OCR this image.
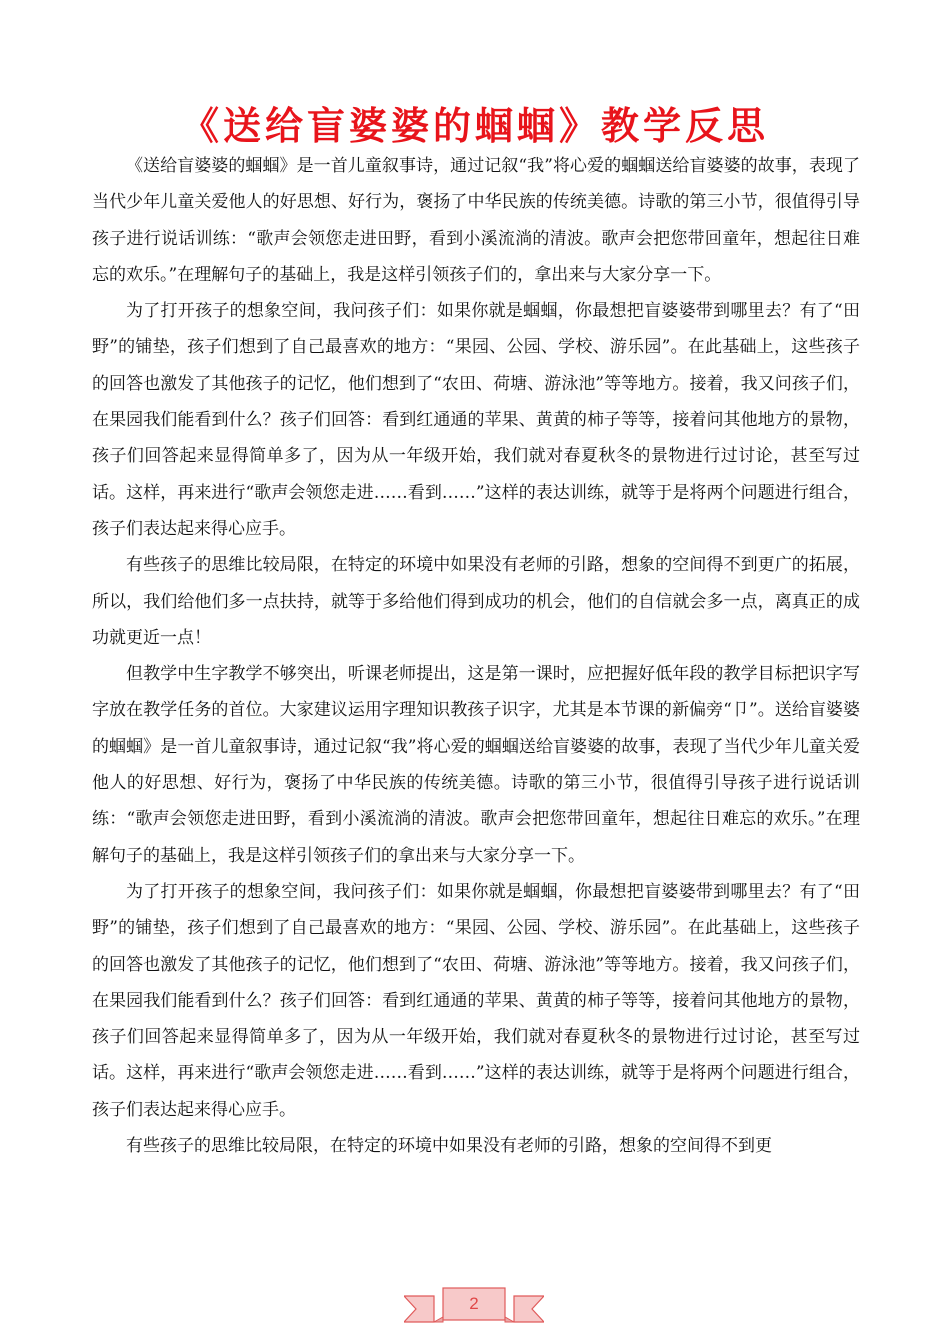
《送给盲婆婆的蝈蝈》教学反思

《送给盲婆婆的蝈蝈》是一首儿童叙事诗，通过记叙“我”将心爱的蝈蝈送给盲婆婆的故事，表现了当代少年儿童关爱他人的好思想、好行为，褒扬了中华民族的传统美德。诗歌的第三小节，很值得引导孩子进行说话训练：“歌声会领您走进田野，看到小溪流淌的清波。歌声会把您带回童年，想起往日难忘的欢乐。”在理解句子的基础上，我是这样引领孩子们的，拿出来与大家分享一下。

为了打开孩子的想象空间，我问孩子们：如果你就是蝈蝈，你最想把盲婆婆带到哪里去？有了“田野”的铺垫，孩子们想到了自己最喜欢的地方：“果园、公园、学校、游乐园”。在此基础上，这些孩子的回答也激发了其他孩子的记忆，他们想到了“农田、荷塘、游泳池”等等地方。接着，我又问孩子们，在果园我们能看到什么？孩子们回答：看到红通通的苹果、黄黄的柿子等等，接着问其他地方的景物，孩子们回答起来显得简单多了，因为从一年级开始，我们就对春夏秋冬的景物进行过讨论，甚至写过话。这样，再来进行“歌声会领您走进……看到……”这样的表达训练，就等于是将两个问题进行组合，孩子们表达起来得心应手。

有些孩子的思维比较局限，在特定的环境中如果没有老师的引路，想象的空间得不到更广的拓展，所以，我们给他们多一点扶持，就等于多给他们得到成功的机会，他们的自信就会多一点，离真正的成功就更近一点！

但教学中生字教学不够突出，听课老师提出，这是第一课时，应把握好低年段的教学目标把识字写字放在教学任务的首位。大家建议运用字理知识教孩子识字，尤其是本节课的新偏旁“卩”。送给盲婆婆的蝈蝈》是一首儿童叙事诗，通过记叙“我”将心爱的蝈蝈送给盲婆婆的故事，表现了当代少年儿童关爱他人的好思想、好行为，褒扬了中华民族的传统美德。诗歌的第三小节，很值得引导孩子进行说话训练：“歌声会领您走进田野，看到小溪流淌的清波。歌声会把您带回童年，想起往日难忘的欢乐。”在理解句子的基础上，我是这样引领孩子们的拿出来与大家分享一下。

为了打开孩子的想象空间，我问孩子们：如果你就是蝈蝈，你最想把盲婆婆带到哪里去？有了“田野”的铺垫，孩子们想到了自己最喜欢的地方：“果园、公园、学校、游乐园”。在此基础上，这些孩子的回答也激发了其他孩子的记忆，他们想到了“农田、荷塘、游泳池”等等地方。接着，我又问孩子们，在果园我们能看到什么？孩子们回答：看到红通通的苹果、黄黄的柿子等等，接着问其他地方的景物，孩子们回答起来显得简单多了，因为从一年级开始，我们就对春夏秋冬的景物进行过讨论，甚至写过话。这样，再来进行“歌声会领您走进……看到……”这样的表达训练，就等于是将两个问题进行组合，孩子们表达起来得心应手。

有些孩子的思维比较局限，在特定的环境中如果没有老师的引路，想象的空间得不到更

2
